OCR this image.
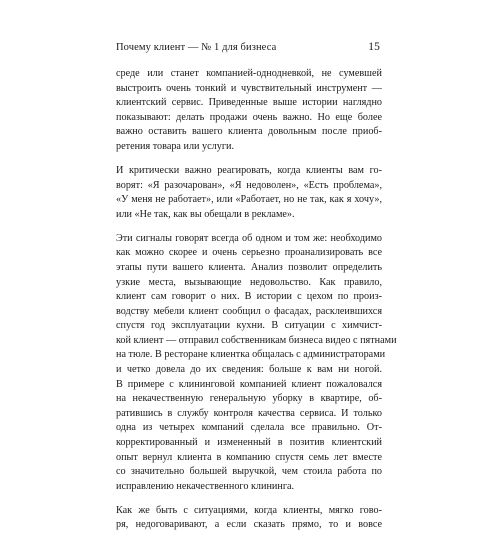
Почему клиент — № 1 для бизнеса	15
среде или станет компанией-однодневкой, не сумевшей
выстроить очень тонкий и чувствительный инструмент —
клиентский сервис. Приведенные выше истории наглядно
показывают: делать продажи очень важно. Но еще более
важно оставить вашего клиента довольным после приоб-
ретения товара или услуги.
И критически важно реагировать, когда клиенты вам го-
ворят: «Я разочарован», «Я недоволен», «Есть проблема»,
«У меня не работает», или «Работает, но не так, как я хочу»,
или «Не так, как вы обещали в рекламе».
Эти сигналы говорят всегда об одном и том же: необходимо
как можно скорее и очень серьезно проанализировать все
этапы пути вашего клиента. Анализ позволит определить
узкие места, вызывающие недовольство. Как правило,
клиент сам говорит о них. В истории с цехом по произ-
водству мебели клиент сообщил о фасадах, расклеившихся
спустя год эксплуатации кухни. В ситуации с химчист-
кой клиент — отправил собственникам бизнеса видео с пятнами
на тюле. В ресторане клиентка общалась с администраторами
и четко довела до их сведения: больше к вам ни ногой.
В примере с клининговой компанией клиент пожаловался
на некачественную генеральную уборку в квартире, об-
ратившись в службу контроля качества сервиса. И только
одна из четырех компаний сделала все правильно. От-
корректированный и измененный в позитив клиентский
опыт вернул клиента в компанию спустя семь лет вместе
со значительно большей выручкой, чем стоила работа по
исправлению некачественного клининга.
Как же быть с ситуациями, когда клиенты, мягко гово-
ря, недоговаривают, а если сказать прямо, то и вовсе
